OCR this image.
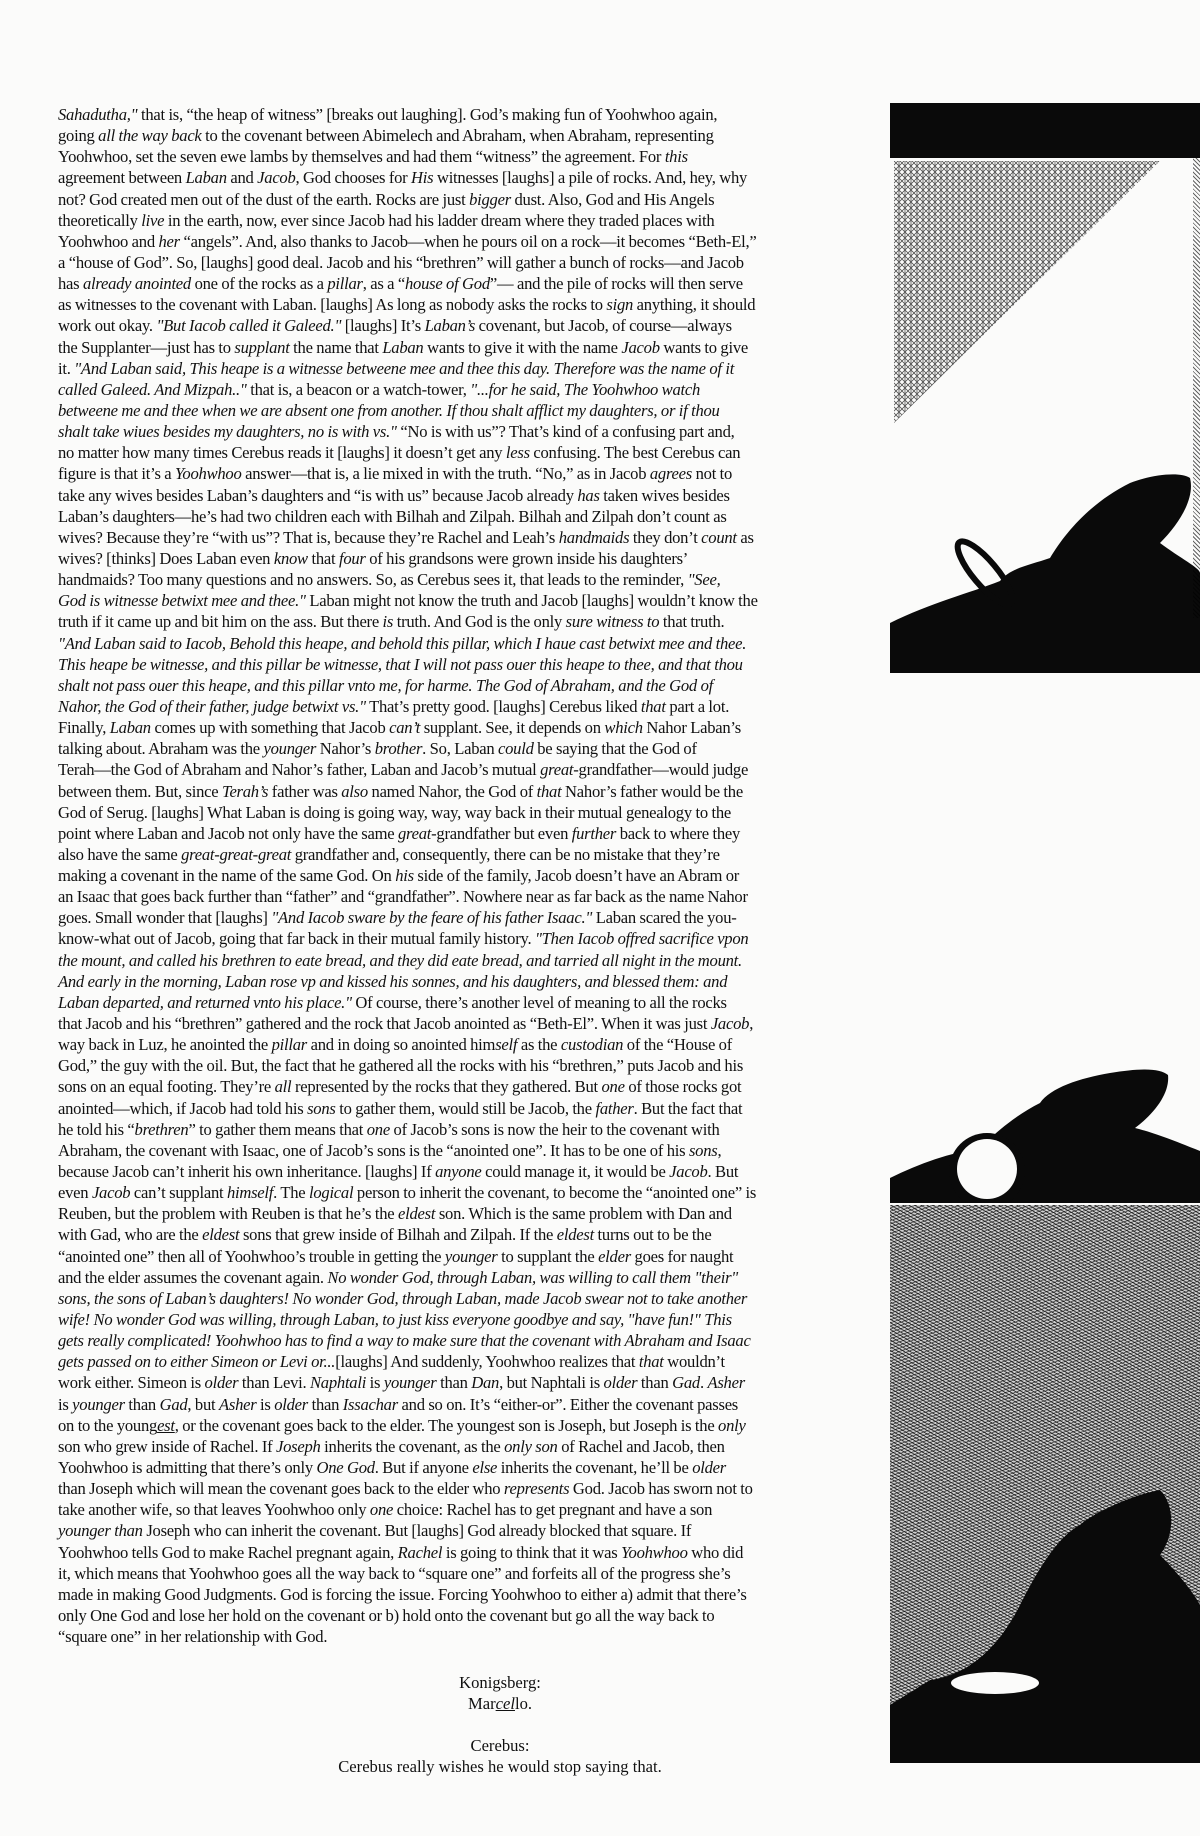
Sahadutha," that is, “the heap of witness” [breaks out laughing]. God’s making fun of Yoohwhoo again,
going all the way back to the covenant between Abimelech and Abraham, when Abraham, representing
Yoohwhoo, set the seven ewe lambs by themselves and had them “witness” the agreement. For this
agreement between Laban and Jacob, God chooses for His witnesses [laughs] a pile of rocks. And, hey, why
not? God created men out of the dust of the earth. Rocks are just bigger dust. Also, God and His Angels
theoretically live in the earth, now, ever since Jacob had his ladder dream where they traded places with
Yoohwhoo and her “angels”. And, also thanks to Jacob—when he pours oil on a rock—it becomes “Beth-El,”
a “house of God”. So, [laughs] good deal. Jacob and his “brethren” will gather a bunch of rocks—and Jacob
has already anointed one of the rocks as a pillar, as a “house of God”— and the pile of rocks will then serve
as witnesses to the covenant with Laban. [laughs] As long as nobody asks the rocks to sign anything, it should
work out okay. "But Iacob called it Galeed." [laughs] It’s Laban’s covenant, but Jacob, of course—always
the Supplanter—just has to supplant the name that Laban wants to give it with the name Jacob wants to give
it. "And Laban said, This heape is a witnesse betweene mee and thee this day. Therefore was the name of it
called Galeed. And Mizpah.." that is, a beacon or a watch-tower, "...for he said, The Yoohwhoo watch
betweene me and thee when we are absent one from another. If thou shalt afflict my daughters, or if thou
shalt take wiues besides my daughters, no is with vs." “No is with us”? That’s kind of a confusing part and,
no matter how many times Cerebus reads it [laughs] it doesn’t get any less confusing. The best Cerebus can
figure is that it’s a Yoohwhoo answer—that is, a lie mixed in with the truth. “No,” as in Jacob agrees not to
take any wives besides Laban’s daughters and “is with us” because Jacob already has taken wives besides
Laban’s daughters—he’s had two children each with Bilhah and Zilpah. Bilhah and Zilpah don’t count as
wives? Because they’re “with us”? That is, because they’re Rachel and Leah’s handmaids they don’t count as
wives? [thinks] Does Laban even know that four of his grandsons were grown inside his daughters’
handmaids? Too many questions and no answers. So, as Cerebus sees it, that leads to the reminder, "See,
God is witnesse betwixt mee and thee." Laban might not know the truth and Jacob [laughs] wouldn’t know the
truth if it came up and bit him on the ass. But there is truth. And God is the only sure witness to that truth.
"And Laban said to Iacob, Behold this heape, and behold this pillar, which I haue cast betwixt mee and thee.
This heape be witnesse, and this pillar be witnesse, that I will not pass ouer this heape to thee, and that thou
shalt not pass ouer this heape, and this pillar vnto me, for harme. The God of Abraham, and the God of
Nahor, the God of their father, judge betwixt vs." That’s pretty good. [laughs] Cerebus liked that part a lot.
Finally, Laban comes up with something that Jacob can’t supplant. See, it depends on which Nahor Laban’s
talking about. Abraham was the younger Nahor’s brother. So, Laban could be saying that the God of
Terah—the God of Abraham and Nahor’s father, Laban and Jacob’s mutual great-grandfather—would judge
between them. But, since Terah’s father was also named Nahor, the God of that Nahor’s father would be the
God of Serug. [laughs] What Laban is doing is going way, way, way back in their mutual genealogy to the
point where Laban and Jacob not only have the same great-grandfather but even further back to where they
also have the same great-great-great grandfather and, consequently, there can be no mistake that they’re
making a covenant in the name of the same God. On his side of the family, Jacob doesn’t have an Abram or
an Isaac that goes back further than “father” and “grandfather”. Nowhere near as far back as the name Nahor
goes. Small wonder that [laughs] "And Iacob sware by the feare of his father Isaac." Laban scared the you-
know-what out of Jacob, going that far back in their mutual family history. "Then Iacob offred sacrifice vpon
the mount, and called his brethren to eate bread, and they did eate bread, and tarried all night in the mount.
And early in the morning, Laban rose vp and kissed his sonnes, and his daughters, and blessed them: and
Laban departed, and returned vnto his place." Of course, there’s another level of meaning to all the rocks
that Jacob and his “brethren” gathered and the rock that Jacob anointed as “Beth-El”. When it was just Jacob,
way back in Luz, he anointed the pillar and in doing so anointed himself as the custodian of the “House of
God,” the guy with the oil. But, the fact that he gathered all the rocks with his “brethren,” puts Jacob and his
sons on an equal footing. They’re all represented by the rocks that they gathered. But one of those rocks got
anointed—which, if Jacob had told his sons to gather them, would still be Jacob, the father. But the fact that
he told his “brethren” to gather them means that one of Jacob’s sons is now the heir to the covenant with
Abraham, the covenant with Isaac, one of Jacob’s sons is the “anointed one”. It has to be one of his sons,
because Jacob can’t inherit his own inheritance. [laughs] If anyone could manage it, it would be Jacob. But
even Jacob can’t supplant himself. The logical person to inherit the covenant, to become the “anointed one” is
Reuben, but the problem with Reuben is that he’s the eldest son. Which is the same problem with Dan and
with Gad, who are the eldest sons that grew inside of Bilhah and Zilpah. If the eldest turns out to be the
“anointed one” then all of Yoohwhoo’s trouble in getting the younger to supplant the elder goes for naught
and the elder assumes the covenant again. No wonder God, through Laban, was willing to call them "their"
sons, the sons of Laban’s daughters! No wonder God, through Laban, made Jacob swear not to take another
wife! No wonder God was willing, through Laban, to just kiss everyone goodbye and say, "have fun!" This
gets really complicated! Yoohwhoo has to find a way to make sure that the covenant with Abraham and Isaac
gets passed on to either Simeon or Levi or...[laughs] And suddenly, Yoohwhoo realizes that that wouldn’t
work either. Simeon is older than Levi. Naphtali is younger than Dan, but Naphtali is older than Gad. Asher
is younger than Gad, but Asher is older than Issachar and so on. It’s “either-or”. Either the covenant passes
on to the youngest, or the covenant goes back to the elder. The youngest son is Joseph, but Joseph is the only
son who grew inside of Rachel. If Joseph inherits the covenant, as the only son of Rachel and Jacob, then
Yoohwhoo is admitting that there’s only One God. But if anyone else inherits the covenant, he’ll be older
than Joseph which will mean the covenant goes back to the elder who represents God. Jacob has sworn not to
take another wife, so that leaves Yoohwhoo only one choice: Rachel has to get pregnant and have a son
younger than Joseph who can inherit the covenant. But [laughs] God already blocked that square. If
Yoohwhoo tells God to make Rachel pregnant again, Rachel is going to think that it was Yoohwhoo who did
it, which means that Yoohwhoo goes all the way back to “square one” and forfeits all of the progress she’s
made in making Good Judgments. God is forcing the issue. Forcing Yoohwhoo to either a) admit that there’s
only One God and lose her hold on the covenant or b) hold onto the covenant but go all the way back to
“square one” in her relationship with God.
Konigsberg:
Marcello.
Cerebus:
Cerebus really wishes he would stop saying that.
